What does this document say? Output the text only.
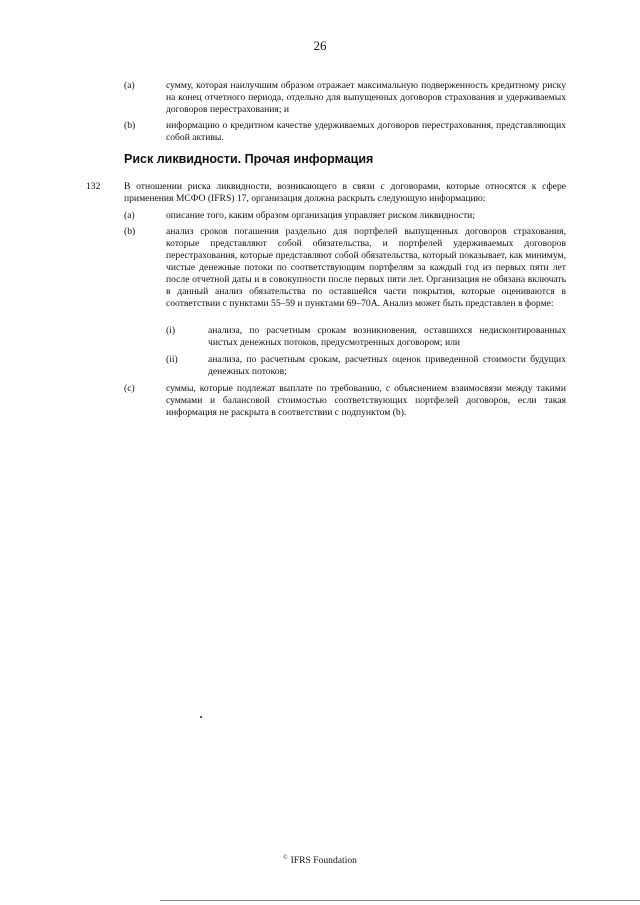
26
(a)	сумму, которая наилучшим образом отражает максимальную подверженность кредитному риску на конец отчетного периода, отдельно для выпущенных договоров страхования и удерживаемых договоров перестрахования; и
(b)	информацию о кредитном качестве удерживаемых договоров перестрахования, представляющих собой активы.
Риск ликвидности. Прочая информация
132 В отношении риска ликвидности, возникающего в связи с договорами, которые относятся к сфере применения МСФО (IFRS) 17, организация должна раскрыть следующую информацию:
(a)	описание того, каким образом организация управляет риском ликвидности;
(b)	анализ сроков погашения раздельно для портфелей выпущенных договоров страхования, которые представляют собой обязательства, и портфелей удерживаемых договоров перестрахования, которые представляют собой обязательства, который показывает, как минимум, чистые денежные потоки по соответствующим портфелям за каждый год из первых пяти лет после отчетной даты и в совокупности после первых пяти лет. Организация не обязана включать в данный анализ обязательства по оставшейся части покрытия, которые оцениваются в соответствии с пунктами 55–59 и пунктами 69–70А. Анализ может быть представлен в форме:
(i)	анализа, по расчетным срокам возникновения, оставшихся недисконтированных чистых денежных потоков, предусмотренных договором; или
(ii)	анализа, по расчетным срокам, расчетных оценок приведенной стоимости будущих денежных потоков;
(c)	суммы, которые подлежат выплате по требованию, с объяснением взаимосвязи между такими суммами и балансовой стоимостью соответствующих портфелей договоров, если такая информация не раскрыта в соответствии с подпунктом (b).
© IFRS Foundation
